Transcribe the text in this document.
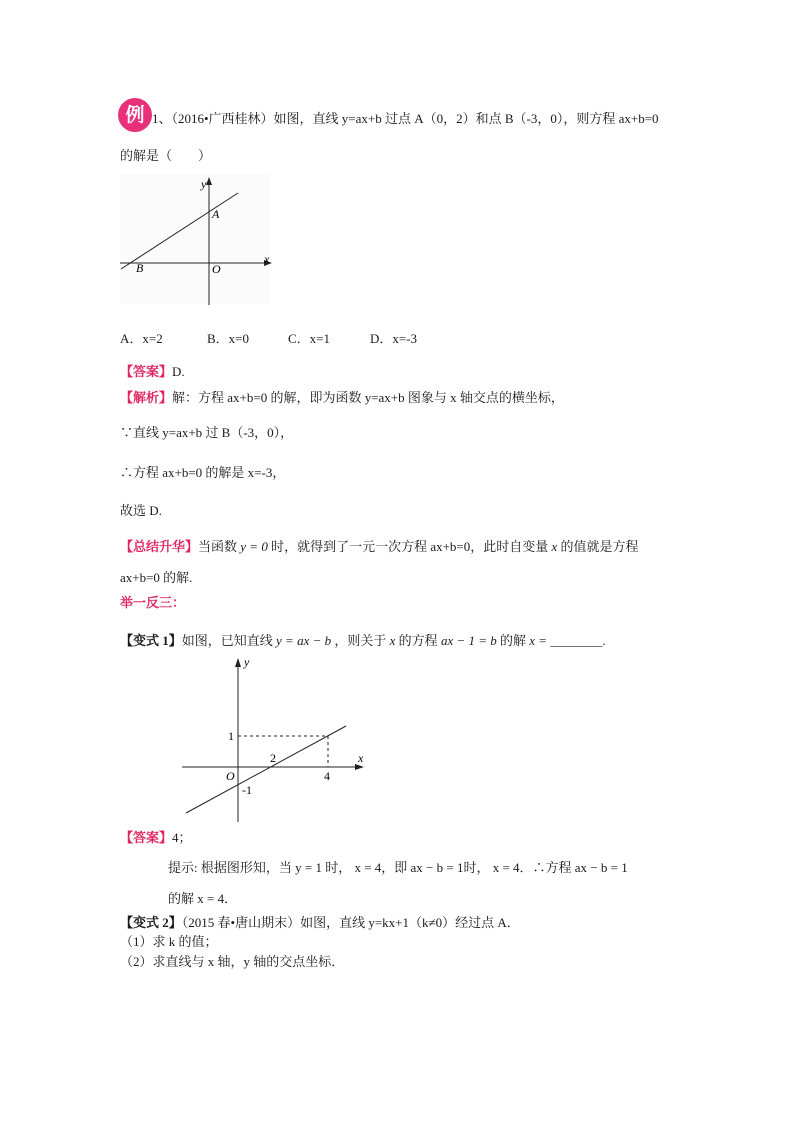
例 1、（2016•广西桂林）如图，直线 y=ax+b 过点 A（0，2）和点 B（-3，0），则方程 ax+b=0
的解是（　　）
y
x
A
B	O
A．x=2	B．x=0	C．x=1	D．x=-3
【答案】D.
【解析】解：方程 ax+b=0 的解，即为函数 y=ax+b 图象与 x 轴交点的横坐标，
∵直线 y=ax+b 过 B（-3，0），
∴方程 ax+b=0 的解是 x=-3，
故选 D.
【总结升华】当函数 y = 0 时，就得到了一元一次方程 ax+b=0，此时自变量 x 的值就是方程
ax+b=0 的解.
举一反三：
【变式 1】如图，已知直线 y = ax − b ，则关于 x 的方程 ax − 1 = b 的解 x = ________.
y
x
O
1
2
4
-1
【答案】4；
提示: 根据图形知，当 y = 1 时， x = 4，即 ax − b = 1时， x = 4．∴方程 ax − b = 1
的解 x = 4．
【变式 2】（2015 春•唐山期末）如图，直线 y=kx+1（k≠0）经过点 A．
（1）求 k 的值；
（2）求直线与 x 轴，y 轴的交点坐标．
